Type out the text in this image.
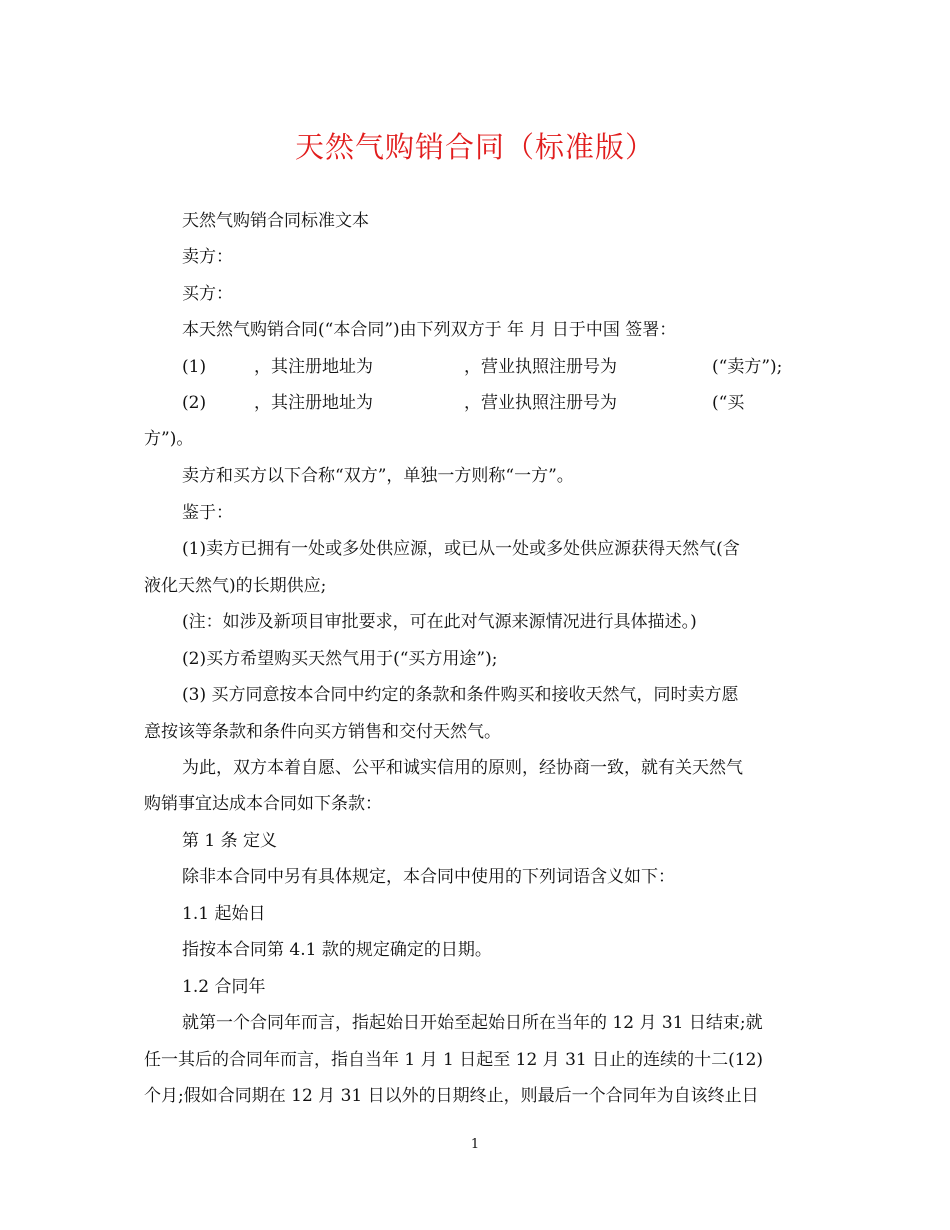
天然气购销合同（标准版）
天然气购销合同标准文本
卖方：
买方：
本天然气购销合同(“本合同”)由下列双方于 年 月 日于中国 签署：
(1)	，其注册地址为	，营业执照注册号为	(“卖方”);
(2)	，其注册地址为	，营业执照注册号为	(“买
方”)。
卖方和买方以下合称“双方”，单独一方则称“一方”。
鉴于：
(1)卖方已拥有一处或多处供应源，或已从一处或多处供应源获得天然气(含
液化天然气)的长期供应;
(注：如涉及新项目审批要求，可在此对气源来源情况进行具体描述。)
(2)买方希望购买天然气用于(“买方用途”);
(3) 买方同意按本合同中约定的条款和条件购买和接收天然气，同时卖方愿
意按该等条款和条件向买方销售和交付天然气。
为此，双方本着自愿、公平和诚实信用的原则，经协商一致，就有关天然气
购销事宜达成本合同如下条款：
第 1 条 定义
除非本合同中另有具体规定，本合同中使用的下列词语含义如下：
1.1 起始日
指按本合同第 4.1 款的规定确定的日期。
1.2 合同年
就第一个合同年而言，指起始日开始至起始日所在当年的 12 月 31 日结束;就
任一其后的合同年而言，指自当年 1 月 1 日起至 12 月 31 日止的连续的十二(12)
个月;假如合同期在 12 月 31 日以外的日期终止，则最后一个合同年为自该终止日
1
